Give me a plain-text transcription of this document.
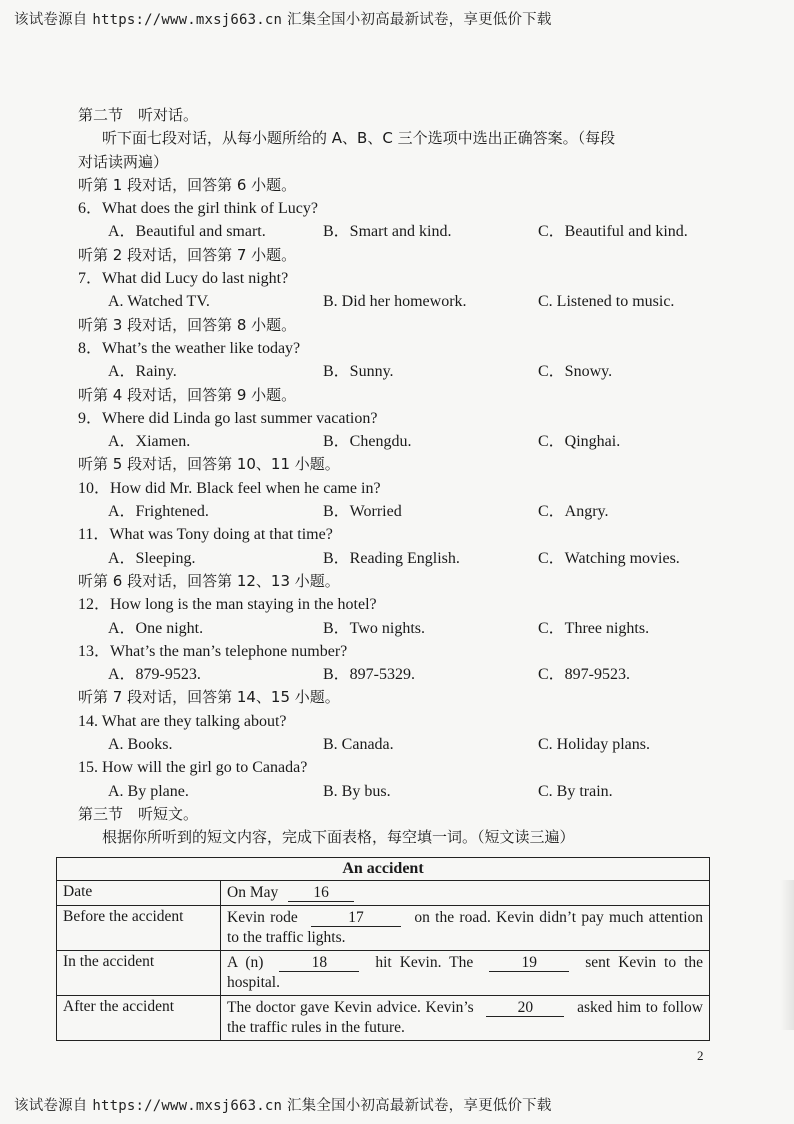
该试卷源自 https://www.mxsj663.cn 汇集全国小初高最新试卷，享更低价下载
第二节　听对话。
听下面七段对话，从每小题所给的 A、B、C 三个选项中选出正确答案。（每段
对话读两遍）
听第 1 段对话，回答第 6 小题。
6．What does the girl think of Lucy?
A．Beautiful and smart.	B．Smart and kind.	C．Beautiful and kind.
听第 2 段对话，回答第 7 小题。
7．What did Lucy do last night?
A. Watched TV.	B. Did her homework.	C. Listened to music.
听第 3 段对话，回答第 8 小题。
8．What’s the weather like today?
A．Rainy.	B．Sunny.	C．Snowy.
听第 4 段对话，回答第 9 小题。
9．Where did Linda go last summer vacation?
A．Xiamen.	B．Chengdu.	C．Qinghai.
听第 5 段对话，回答第 10、11 小题。
10．How did Mr. Black feel when he came in?
A．Frightened.	B．Worried	C．Angry.
11．What was Tony doing at that time?
A．Sleeping.	B．Reading English.	C．Watching movies.
听第 6 段对话，回答第 12、13 小题。
12．How long is the man staying in the hotel?
A．One night.	B．Two nights.	C．Three nights.
13．What’s the man’s telephone number?
A．879-9523.	B．897-5329.	C．897-9523.
听第 7 段对话，回答第 14、15 小题。
14. What are they talking about?
A. Books.	B. Canada.	C. Holiday plans.
15. How will the girl go to Canada?
A. By plane.	B. By bus.	C. By train.
第三节　听短文。
根据你所听到的短文内容，完成下面表格，每空填一词。（短文读三遍）
An accident	
Date	On May 16
Before the accident	Kevin rode 17 on the road. Kevin didn’t pay much attention to the traffic lights.
In the accident	A (n) 18 hit Kevin. The 19 sent Kevin to the hospital.
After the accident	The doctor gave Kevin advice. Kevin’s 20 asked him to follow the traffic rules in the future.
2
该试卷源自 https://www.mxsj663.cn 汇集全国小初高最新试卷，享更低价下载
